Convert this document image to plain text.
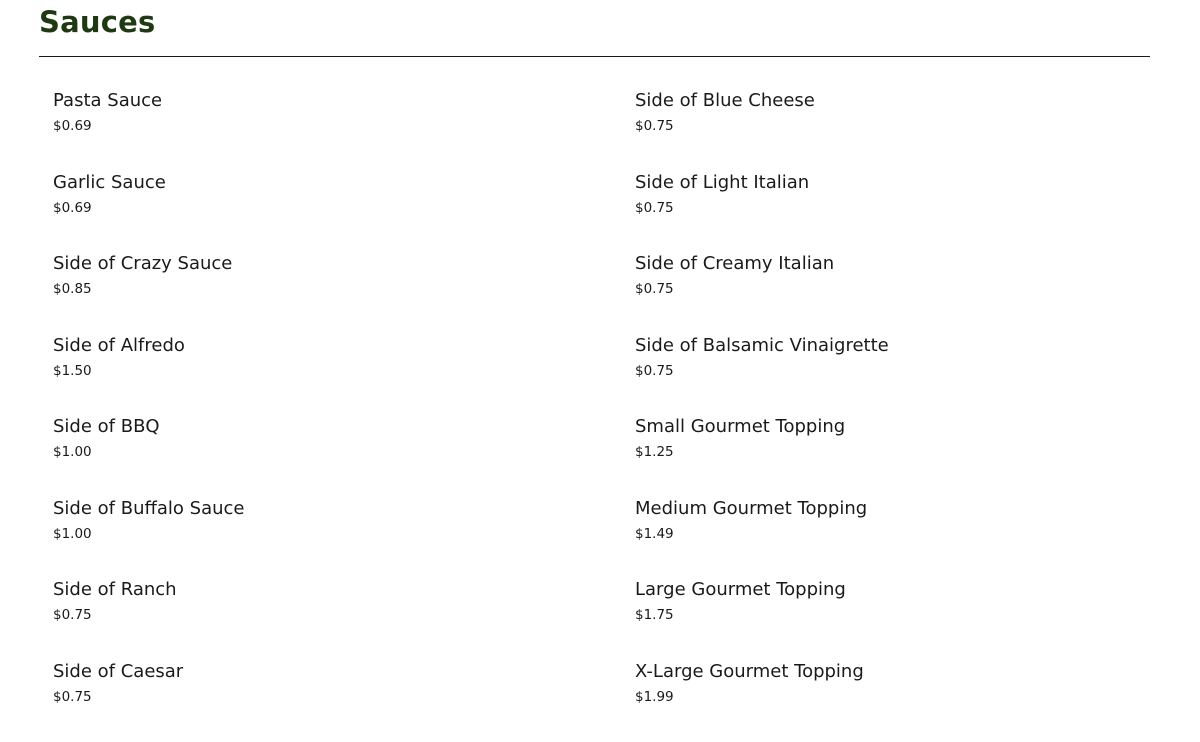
Sauces
Pasta Sauce
$0.69
Side of Blue Cheese
$0.75
Garlic Sauce
$0.69
Side of Light Italian
$0.75
Side of Crazy Sauce
$0.85
Side of Creamy Italian
$0.75
Side of Alfredo
$1.50
Side of Balsamic Vinaigrette
$0.75
Side of BBQ
$1.00
Small Gourmet Topping
$1.25
Side of Buffalo Sauce
$1.00
Medium Gourmet Topping
$1.49
Side of Ranch
$0.75
Large Gourmet Topping
$1.75
Side of Caesar
$0.75
X-Large Gourmet Topping
$1.99
